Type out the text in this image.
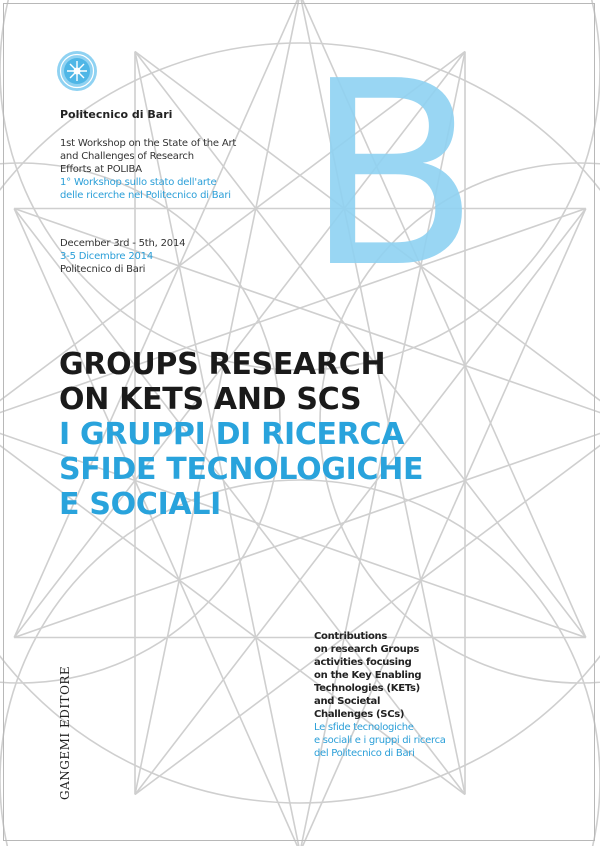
Politecnico di Bari
1st Workshop on the State of the Art
and Challenges of Research
Efforts at POLIBA
1° Workshop sullo stato dell'arte
delle ricerche nel Politecnico di Bari
December 3rd - 5th, 2014
3-5 Dicembre 2014
Politecnico di Bari B
GROUPS RESEARCH
ON KETS AND SCS
I GRUPPI DI RICERCA
SFIDE TECNOLOGICHE
E SOCIALI
GANGEMI EDITORE
Contributions
on research Groups
activities focusing
on the Key Enabling
Technologies (KETs)
and Societal
Challenges (SCs)
Le sfide tecnologiche
e sociali e i gruppi di ricerca
del Politecnico di Bari
